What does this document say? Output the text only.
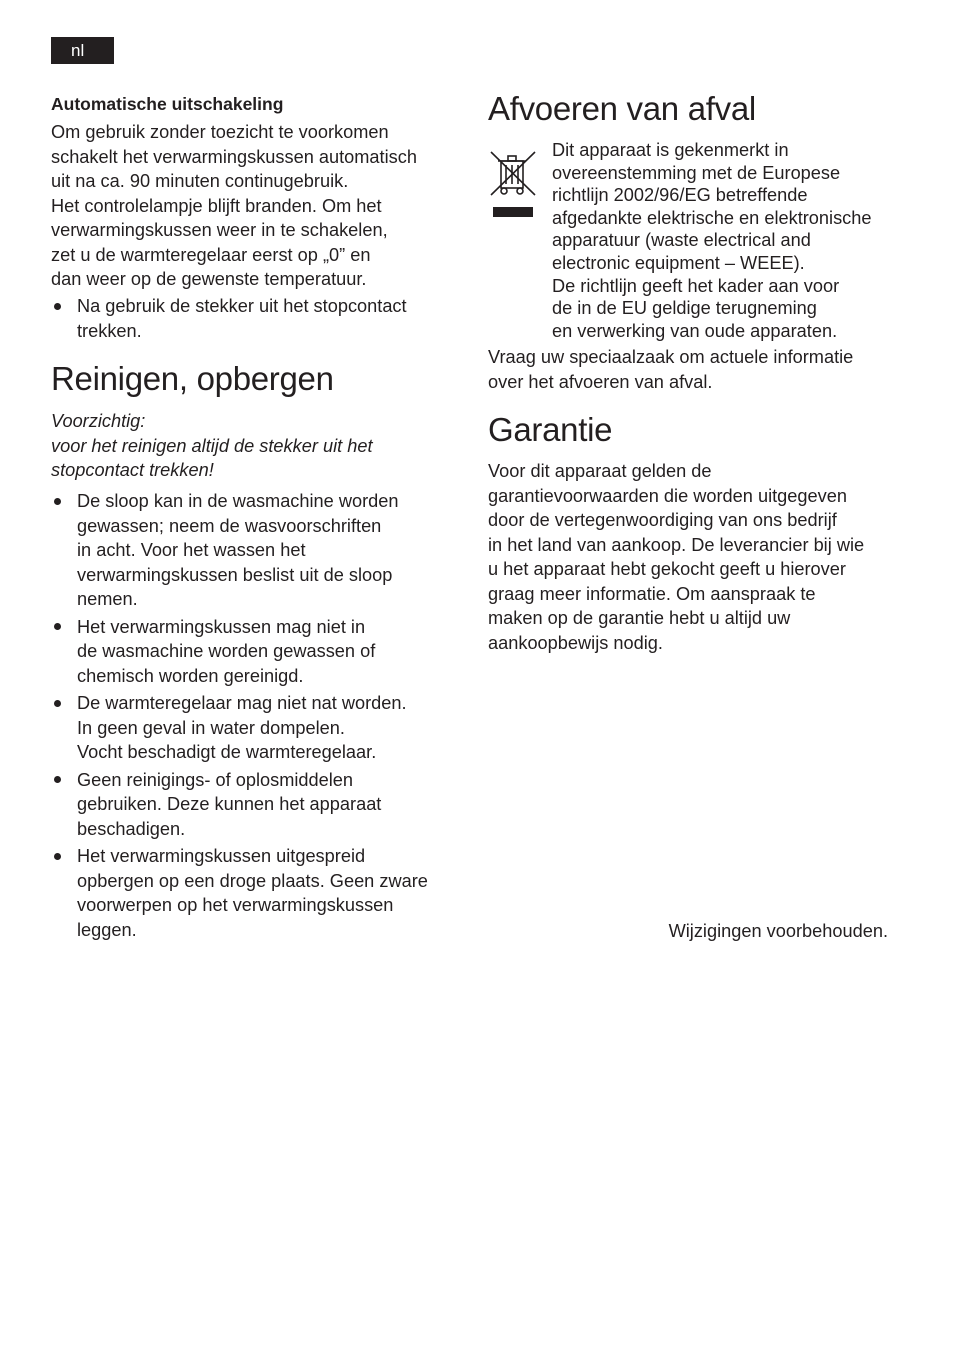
nl
Automatische uitschakeling

Om gebruik zonder toezicht te voorkomen

schakelt het verwarmingskussen automatisch

uit na ca. 90 minuten continugebruik.

Het controlelampje blijft branden. Om het

verwarmingskussen weer in te schakelen,

zet u de warmteregelaar eerst op „0” en

dan weer op de gewenste temperatuur.

Na gebruik de stekker uit het stopcontact
trekken.
Reinigen, opbergen

Voorzichtig:

voor het reinigen altijd de stekker uit het

stopcontact trekken!

De sloop kan in de wasmachine worden
gewassen; neem de wasvoorschriften
in acht. Voor het wassen het
verwarmingskussen beslist uit de sloop
nemen.
Het verwarmingskussen mag niet in
de wasmachine worden gewassen of
chemisch worden gereinigd.
De warmteregelaar mag niet nat worden.
In geen geval in water dompelen.
Vocht beschadigt de warmteregelaar.
Geen reinigings- of oplosmiddelen
gebruiken. Deze kunnen het apparaat
beschadigen.
Het verwarmingskussen uitgespreid
opbergen op een droge plaats. Geen zware
voorwerpen op het verwarmingskussen
leggen.
Afvoeren van afval

Dit apparaat is gekenmerkt in

overeenstemming met de Europese

richtlijn 2002/96/EG betreffende

afgedankte elektrische en elektronische

apparatuur (waste electrical and

electronic equipment – WEEE).

De richtlijn geeft het kader aan voor

de in de EU geldige terugneming

en verwerking van oude apparaten.

Vraag uw speciaalzaak om actuele informatie

over het afvoeren van afval.

Garantie

Voor dit apparaat gelden de

garantievoorwaarden die worden uitgegeven

door de vertegenwoordiging van ons bedrijf

in het land van aankoop. De leverancier bij wie

u het apparaat hebt gekocht geeft u hierover

graag meer informatie. Om aanspraak te

maken op de garantie hebt u altijd uw

aankoopbewijs nodig.

Wijzigingen voorbehouden.
